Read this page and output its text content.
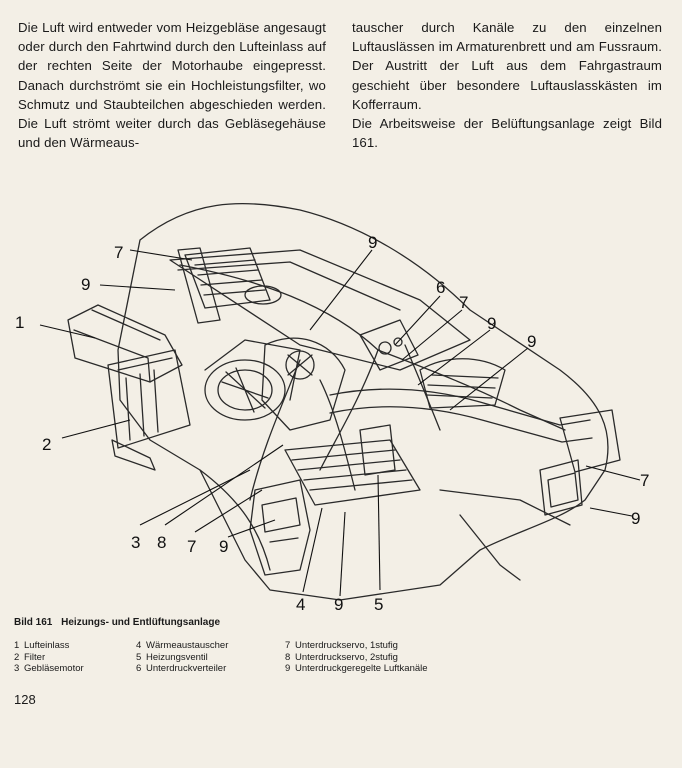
Die Luft wird entweder vom Heizgebläse angesaugt oder durch den Fahrtwind durch den Lufteinlass auf der rechten Seite der Motorhaube eingepresst. Danach durchströmt sie ein Hochleistungsfilter, wo Schmutz und Staubteilchen abgeschieden werden. Die Luft strömt weiter durch das Gebläsegehäuse und den Wärmeaus-

tauscher durch Kanäle zu den einzelnen Luftauslässen im Armaturenbrett und am Fussraum. Der Austritt der Luft aus dem Fahrgastraum geschieht über besondere Luftauslasskästen im Kofferraum.

Die Arbeitsweise der Belüftungsanlage zeigt Bild 161.

7
9
1
2
9
6
7
9
9
7
9
3 8 7 9
4 9 5
Bild 161 Heizungs- und Entlüftungsanlage
1 Lufteinlass
2 Filter
3 Gebläsemotor
4 Wärmeaustauscher
5 Heizungsventil
6 Unterdruckverteiler
7 Unterdruckservo, 1stufig
8 Unterdruckservo, 2stufig
9 Unterdruckgeregelte Luftkanäle
128
